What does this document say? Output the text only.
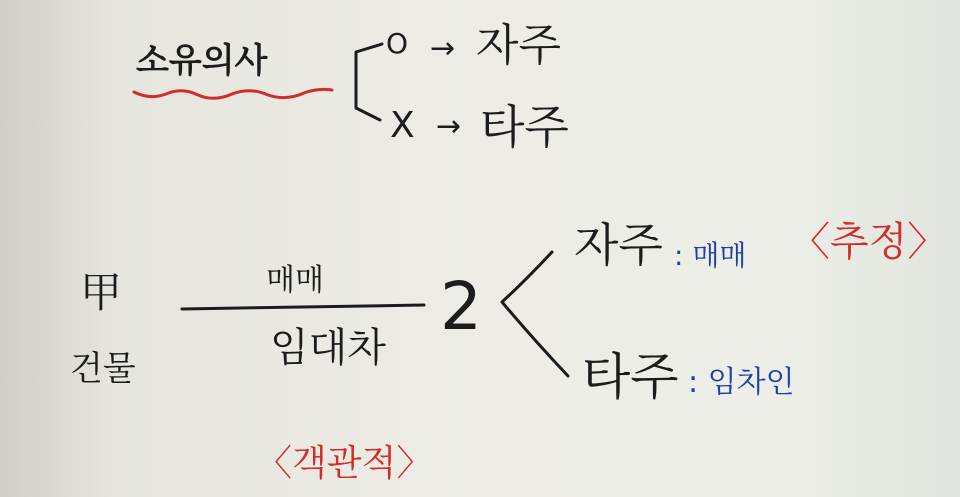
소유의사	O → 자주
X → 타주
甲
건물
매매
임대차
2
자주 : 매매 〈추정〉
타주 : 임차인
〈객관적〉
